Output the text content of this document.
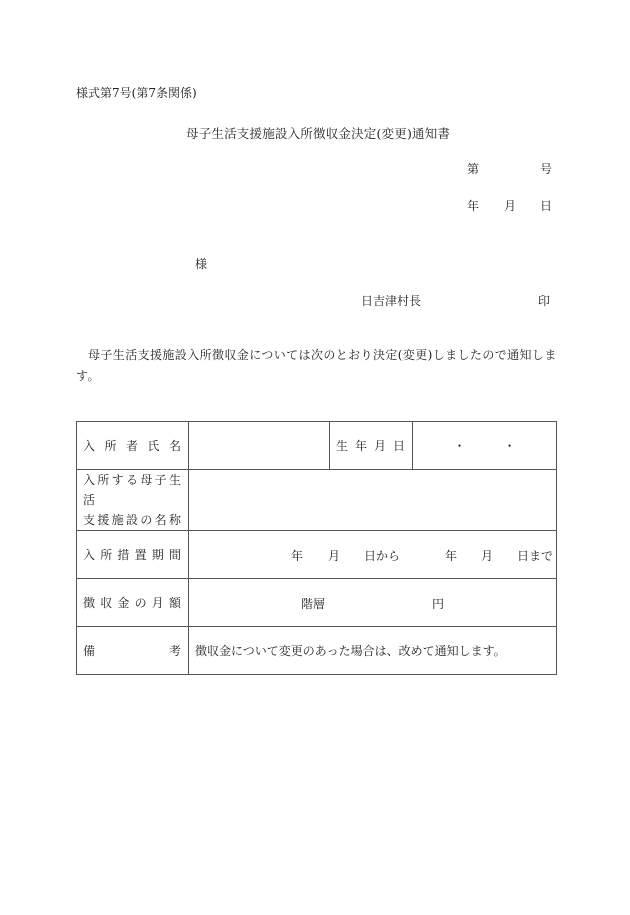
様式第7号(第7条関係)
母子生活支援施設入所徴収金決定(変更)通知書
第	号
年 月 日
様
日吉津村長	印
母子生活支援施設入所徴収金については次のとおり決定(変更)しましたので通知します。
入所者氏名		生年月日	・ ・

入所する母子生活
支援施設の名称			

入所措置期間	年 月 日から	年 月 日まで

徴収金の月額	階層 円		

備 考	徴収金について変更のあった場合は、改めて通知します。		
